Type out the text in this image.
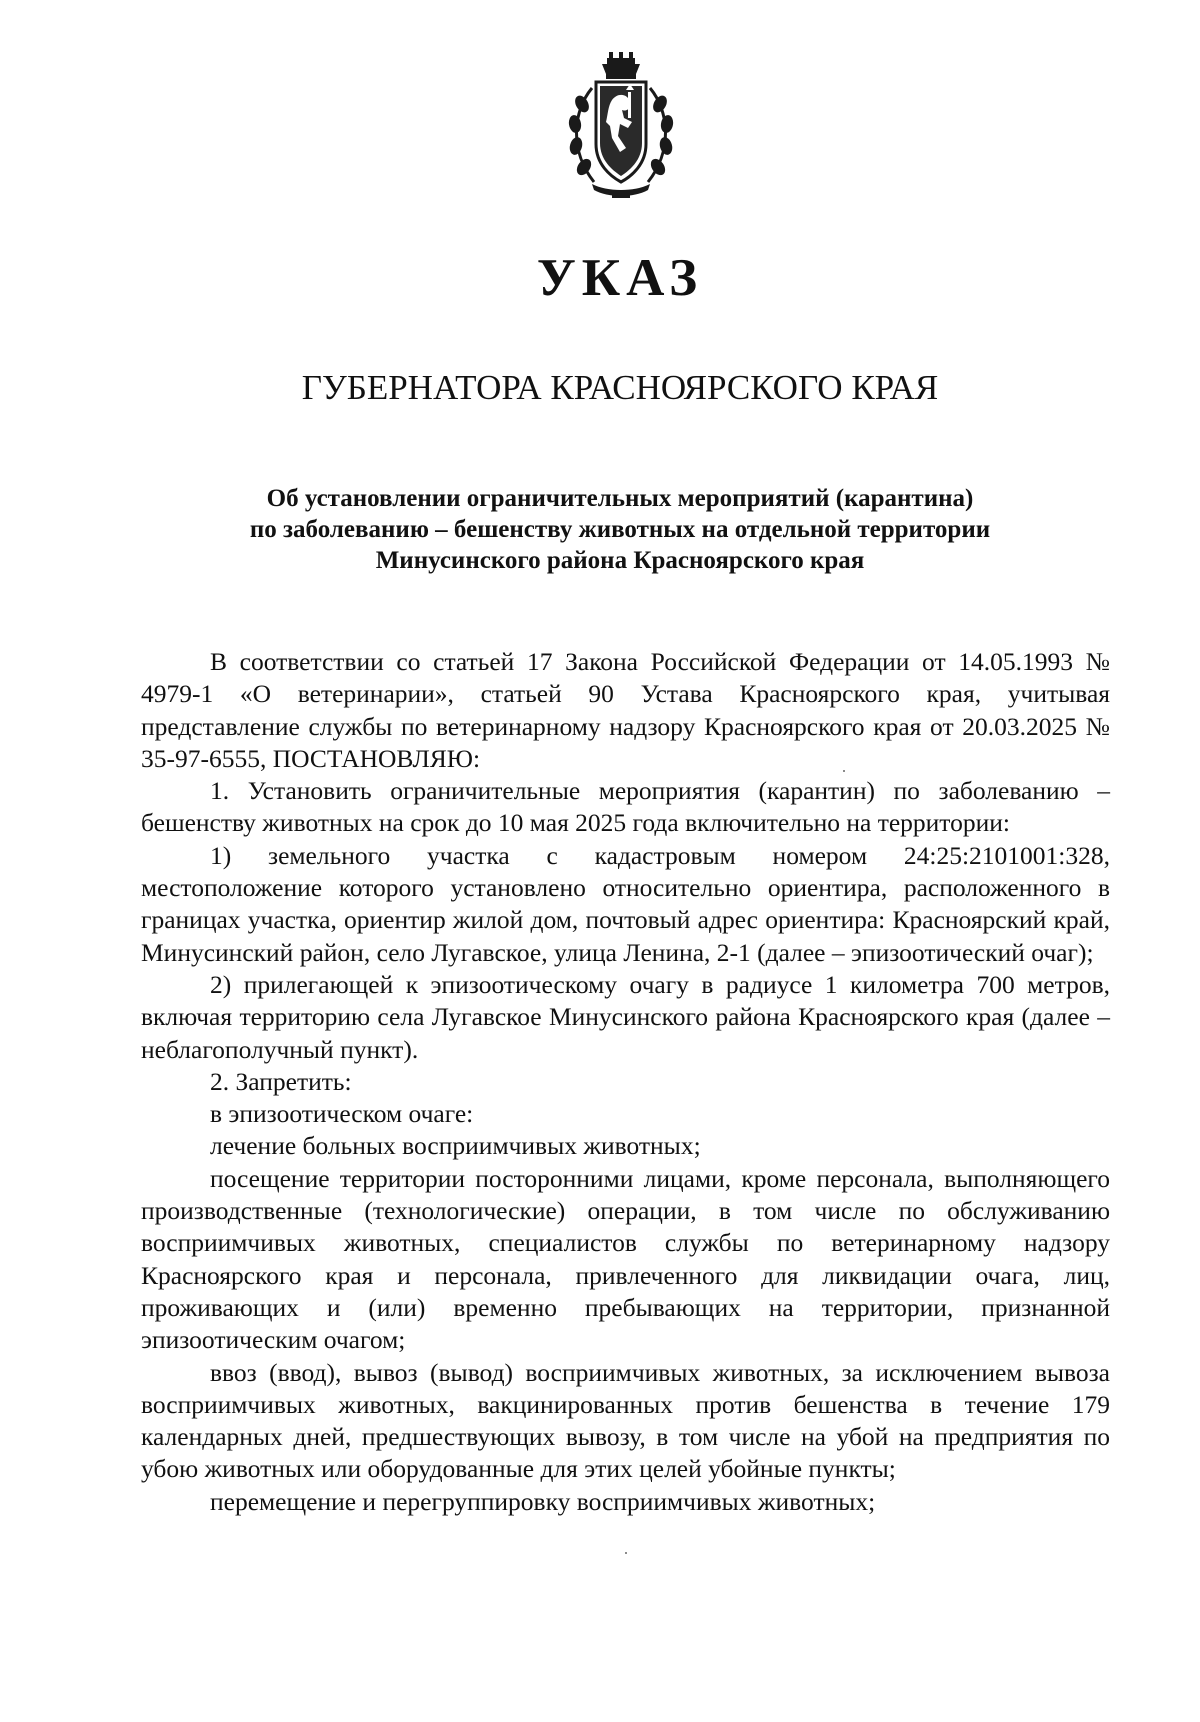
УКАЗ
ГУБЕРНАТОРА КРАСНОЯРСКОГО КРАЯ
Об установлении ограничительных мероприятий (карантина)
по заболеванию – бешенству животных на отдельной территории
Минусинского района Красноярского края

В соответствии со статьей 17 Закона Российской Федерации от 14.05.1993 № 4979-1 «О ветеринарии», статьей 90 Устава Красноярского края, учитывая представление службы по ветеринарному надзору Красноярского края от 20.03.2025 № 35-97-6555, ПОСТАНОВЛЯЮ:

1. Установить ограничительные мероприятия (карантин) по заболеванию – бешенству животных на срок до 10 мая 2025 года включительно на территории:

1) земельного участка с кадастровым номером 24:25:2101001:328, местоположение которого установлено относительно ориентира, расположенного в границах участка, ориентир жилой дом, почтовый адрес ориентира: Красноярский край, Минусинский район, село Лугавское, улица Ленина, 2-1 (далее – эпизоотический очаг);

2) прилегающей к эпизоотическому очагу в радиусе 1 километра 700 метров, включая территорию села Лугавское Минусинского района Красноярского края (далее – неблагополучный пункт).

2. Запретить:

в эпизоотическом очаге:

лечение больных восприимчивых животных;

посещение территории посторонними лицами, кроме персонала, выполняющего производственные (технологические) операции, в том числе по обслуживанию восприимчивых животных, специалистов службы по ветеринарному надзору Красноярского края и персонала, привлеченного для ликвидации очага, лиц, проживающих и (или) временно пребывающих на территории, признанной эпизоотическим очагом;

ввоз (ввод), вывоз (вывод) восприимчивых животных, за исключением вывоза восприимчивых животных, вакцинированных против бешенства в течение 179 календарных дней, предшествующих вывозу, в том числе на убой на предприятия по убою животных или оборудованные для этих целей убойные пункты;

перемещение и перегруппировку восприимчивых животных;
